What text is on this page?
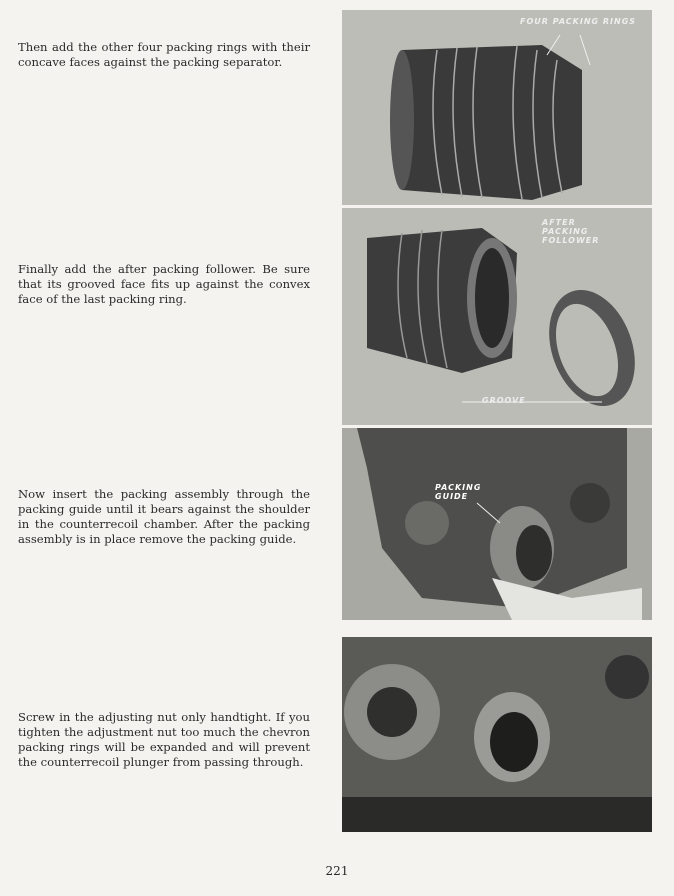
Then add the other four packing rings with their concave faces against the packing separator.
Finally add the after packing follower. Be sure that its grooved face fits up against the convex face of the last packing ring.
Now insert the packing assembly through the packing guide until it bears against the shoulder in the counterrecoil chamber. After the packing assembly is in place remove the packing guide.
Screw in the adjusting nut only handtight. If you tighten the adjustment nut too much the chevron packing rings will be expanded and will prevent the counterrecoil plunger from passing through.
FOUR PACKING RINGS
AFTER
PACKING
FOLLOWER
GROOVE
PACKING
GUIDE
221
